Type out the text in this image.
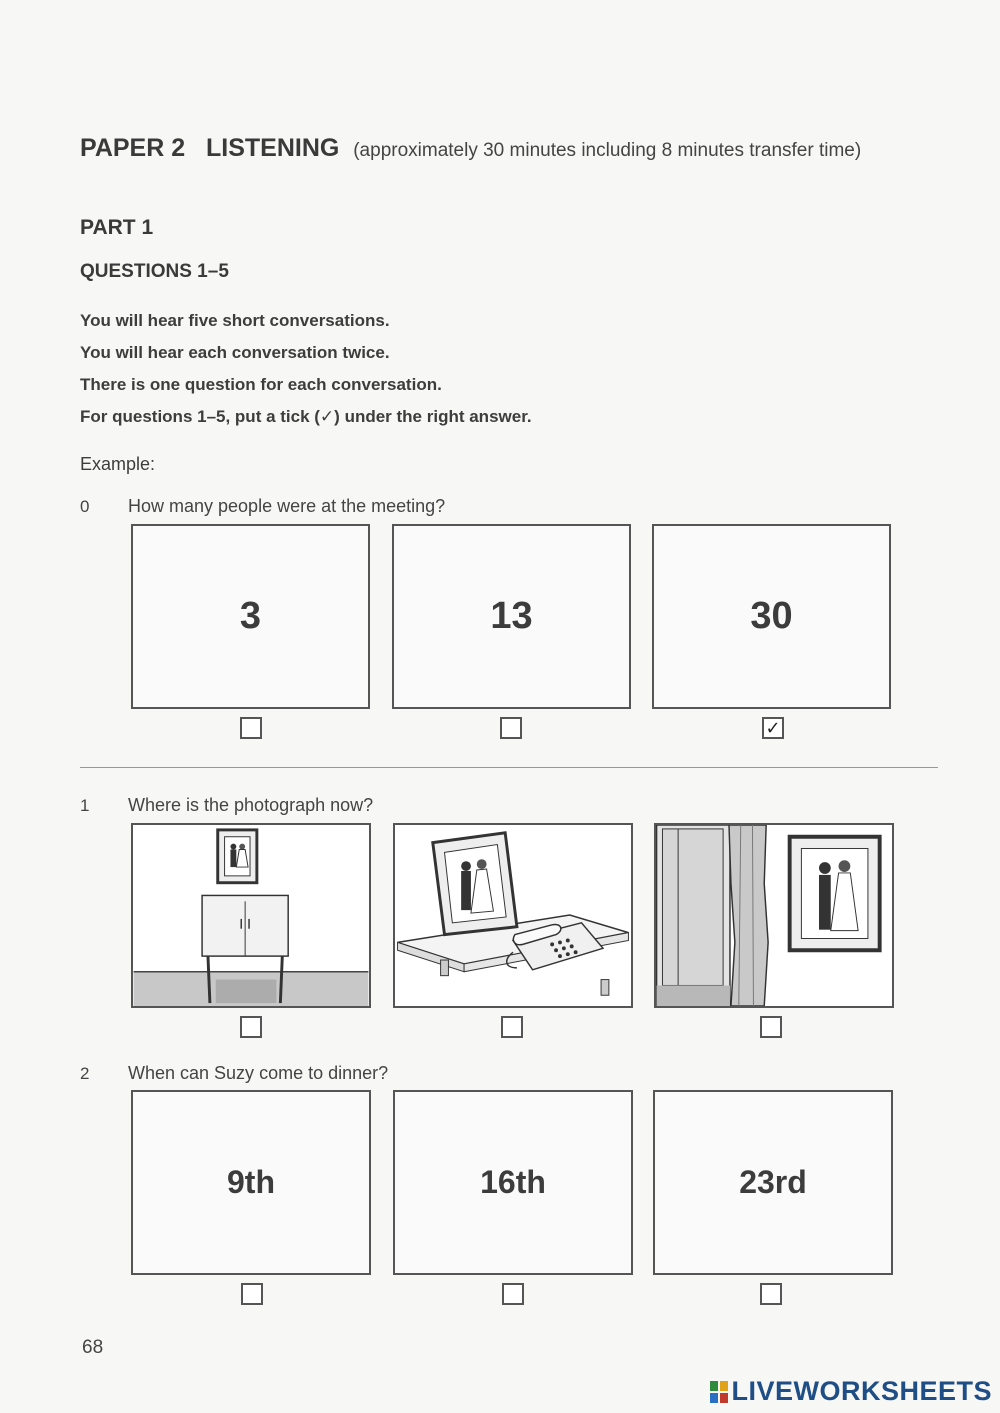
PAPER 2 LISTENING (approximately 30 minutes including 8 minutes transfer time)
PART 1
QUESTIONS 1–5
You will hear five short conversations.
You will hear each conversation twice.
There is one question for each conversation.
For questions 1–5, put a tick (✓) under the right answer.
Example:
0 How many people were at the meeting?
3	13	30
✓
1 Where is the photograph now?
2 When can Suzy come to dinner?
9th	16th	23rd
68
LIVEWORKSHEETS
